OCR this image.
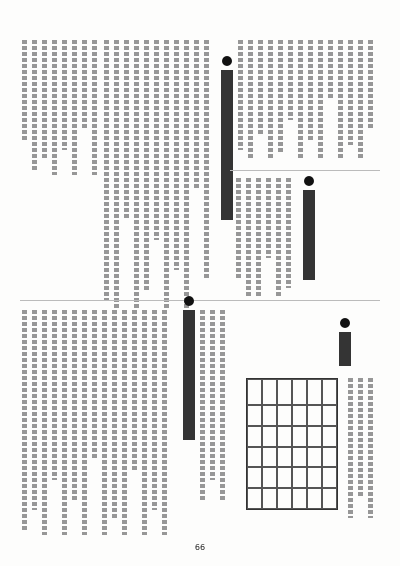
66
